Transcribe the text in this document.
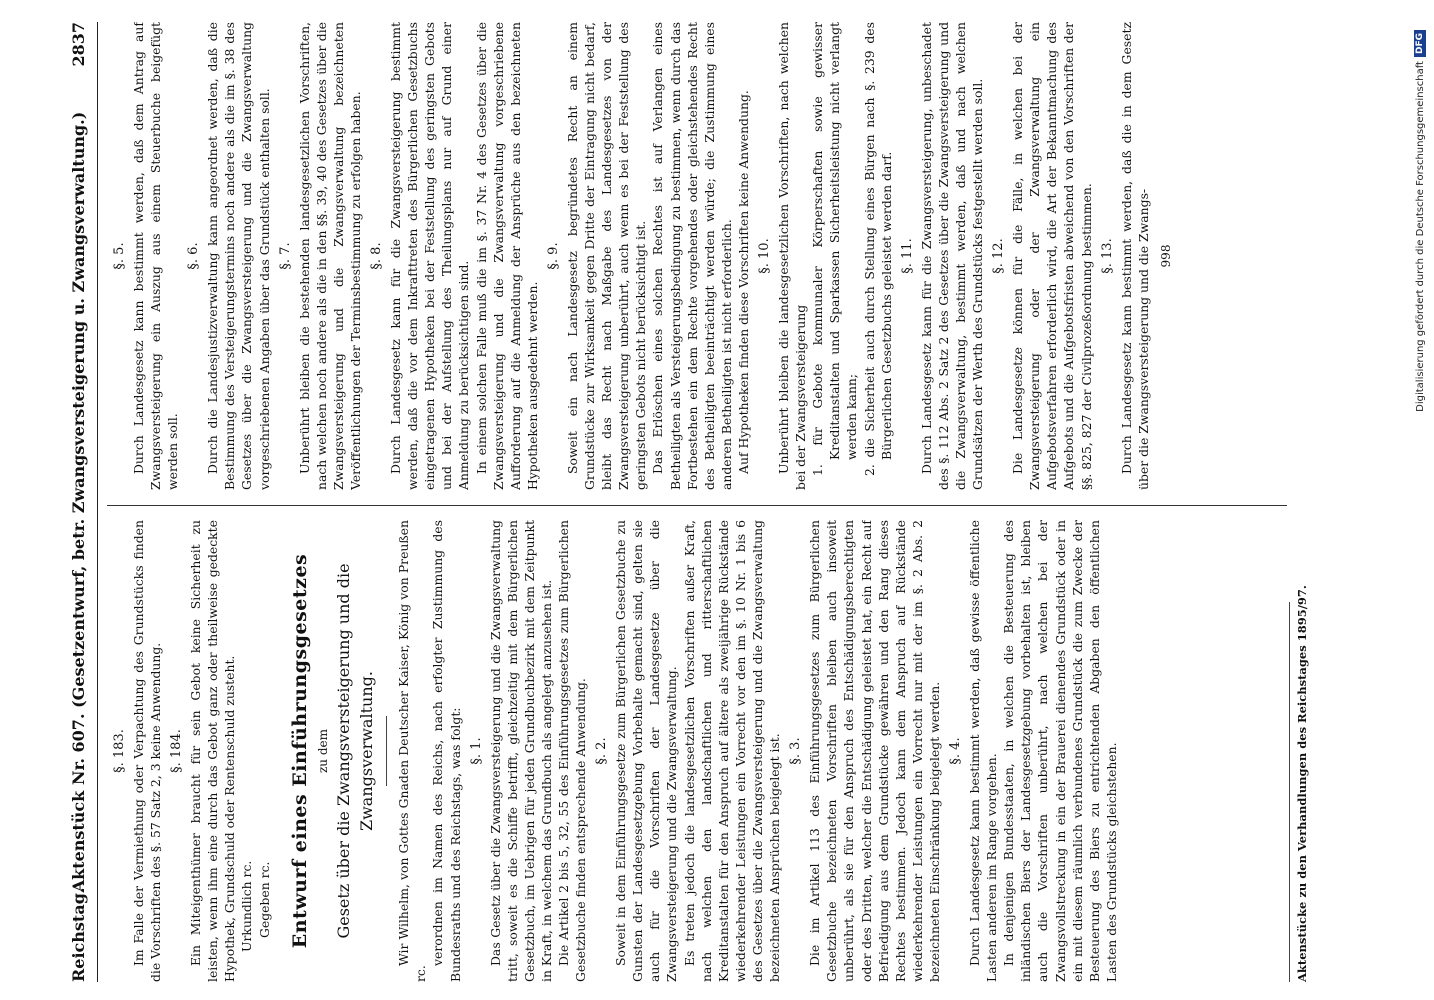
Reichstag.
Aktenstück Nr. 607. (Gesetzentwurf, betr. Zwangsversteigerung u. Zwangsverwaltung.)
2837
§. 183. Im Falle der Vermiethung oder Verpachtung des Grundstücks finden die Vorschriften des §. 57 Satz 2, 3 keine Anwendung. §. 184. Ein Miteigenthümer braucht für sein Gebot keine Sicherheit zu leisten, wenn ihm eine durch das Gebot ganz oder theilweise gedeckte Hypothek, Grundschuld oder Rentenschuld zusteht. Urkundlich rc. Gegeben rc. Entwurf eines Einführungsgesetzes zu dem Gesetz über die Zwangsversteigerung und die Zwangsverwaltung. Wir Wilhelm, von Gottes Gnaden Deutscher Kaiser, König von Preußen rc.

verordnen im Namen des Reichs, nach erfolgter Zustimmung des Bundesraths und des Reichstags, was folgt: §. 1. Das Gesetz über die Zwangsversteigerung und die Zwangsverwaltung tritt, soweit es die Schiffe betrifft, gleichzeitig mit dem Bürgerlichen Gesetzbuch, im Uebrigen für jeden Grundbuchbezirk mit dem Zeitpunkt in Kraft, in welchem das Grundbuch als angelegt anzusehen ist. Die Artikel 2 bis 5, 32, 55 des Einführungsgesetzes zum Bürgerlichen Gesetzbuche finden entsprechende Anwendung. §. 2. Soweit in dem Einführungsgesetze zum Bürgerlichen Gesetzbuche zu Gunsten der Landesgesetzgebung Vorbehalte gemacht sind, gelten sie auch für die Vorschriften der Landesgesetze über die Zwangsversteigerung und die Zwangsverwaltung. Es treten jedoch die landesgesetzlichen Vorschriften außer Kraft, nach welchen den landschaftlichen und ritterschaftlichen Kreditanstalten für den Anspruch auf ältere als zweijährige Rückstände wiederkehrender Leistungen ein Vorrecht vor den im §. 10 Nr. 1 bis 6 des Gesetzes über die Zwangsversteigerung und die Zwangsverwaltung bezeichneten Ansprüchen beigelegt ist. §. 3. Die im Artikel 113 des Einführungsgesetzes zum Bürgerlichen Gesetzbuche bezeichneten Vorschriften bleiben auch insoweit unberührt, als sie für den Anspruch des Entschädigungsberechtigten oder des Dritten, welcher die Entschädigung geleistet hat, ein Recht auf Befriedigung aus dem Grundstücke gewähren und den Rang dieses Rechtes bestimmen. Jedoch kann dem Anspruch auf Rückstände wiederkehrender Leistungen ein Vorrecht nur mit der im §. 2 Abs. 2 bezeichneten Einschränkung beigelegt werden. §. 4. Durch Landesgesetz kann bestimmt werden, daß gewisse öffentliche Lasten anderen im Range vorgehen. In denjenigen Bundesstaaten, in welchen die Besteuerung des inländischen Biers der Landesgesetzgebung vorbehalten ist, bleiben auch die Vorschriften unberührt, nach welchen bei der Zwangsvollstreckung in ein der Brauerei dienendes Grundstück oder in ein mit diesem räumlich verbundenes Grundstück die zum Zwecke der Besteuerung des Biers zu entrichtenden Abgaben den öffentlichen Lasten des Grundstücks gleichstehen.

§. 5. Durch Landesgesetz kann bestimmt werden, daß dem Antrag auf Zwangsversteigerung ein Auszug aus einem Steuerbuche beigefügt werden soll.

§. 6. Durch die Landesjustizverwaltung kann angeordnet werden, daß die Bestimmung des Versteigerungstermins noch andere als die im §. 38 des Gesetzes über die Zwangsversteigerung und die Zwangsverwaltung vorgeschriebenen Angaben über das Grundstück enthalten soll. §. 7. Unberührt bleiben die bestehenden landesgesetzlichen Vorschriften, nach welchen noch andere als die in den §§. 39, 40 des Gesetzes über die Zwangsversteigerung und die Zwangsverwaltung bezeichneten Veröffentlichungen der Terminsbestimmung zu erfolgen haben. §. 8. Durch Landesgesetz kann für die Zwangsversteigerung bestimmt werden, daß die vor dem Inkrafttreten des Bürgerlichen Gesetzbuchs eingetragenen Hypotheken bei der Feststellung des geringsten Gebots und bei der Aufstellung des Theilungsplans nur auf Grund einer Anmeldung zu berücksichtigen sind. In einem solchen Falle muß die im §. 37 Nr. 4 des Gesetzes über die Zwangsversteigerung und die Zwangsverwaltung vorgeschriebene Aufforderung auf die Anmeldung der Ansprüche aus den bezeichneten Hypotheken ausgedehnt werden.

§. 9. Soweit ein nach Landesgesetz begründetes Recht an einem Grundstücke zur Wirksamkeit gegen Dritte der Eintragung nicht bedarf, bleibt das Recht nach Maßgabe des Landesgesetzes von der Zwangsversteigerung unberührt, auch wenn es bei der Feststellung des geringsten Gebots nicht berücksichtigt ist. Das Erlöschen eines solchen Rechtes ist auf Verlangen eines Betheiligten als Versteigerungsbedingung zu bestimmen, wenn durch das Fortbestehen ein dem Rechte vorgehendes oder gleichstehendes Recht des Betheiligten beeinträchtigt werden würde; die Zustimmung eines anderen Betheiligten ist nicht erforderlich. Auf Hypotheken finden diese Vorschriften keine Anwendung. §. 10. Unberührt bleiben die landesgesetzlichen Vorschriften, nach welchen bei der Zwangsversteigerung 1. für Gebote kommunaler Körperschaften sowie gewisser Kreditanstalten und Sparkassen Sicherheitsleistung nicht verlangt werden kann; 2. die Sicherheit auch durch Stellung eines Bürgen nach §. 239 des Bürgerlichen Gesetzbuchs geleistet werden darf. §. 11. Durch Landesgesetz kann für die Zwangsversteigerung, unbeschadet des §. 112 Abs. 2 Satz 2 des Gesetzes über die Zwangsversteigerung und die Zwangsverwaltung, bestimmt werden, daß und nach welchen Grundsätzen der Werth des Grundstücks festgestellt werden soll. §. 12. Die Landesgesetze können für die Fälle, in welchen bei der Zwangsversteigerung oder der Zwangsverwaltung ein Aufgebotsverfahren erforderlich wird, die Art der Bekanntmachung des Aufgebots und die Aufgebotsfristen abweichend von den Vorschriften der §§. 825, 827 der Civilprozeßordnung bestimmen. §. 13. Durch Landesgesetz kann bestimmt werden, daß die in dem Gesetz über die Zwangsversteigerung und die Zwangs- 998
Aktenstücke zu den Verhandlungen des Reichstages 1895/97.
Digitalisierung gefördert durch die Deutsche Forschungsgemeinschaft
DFG
